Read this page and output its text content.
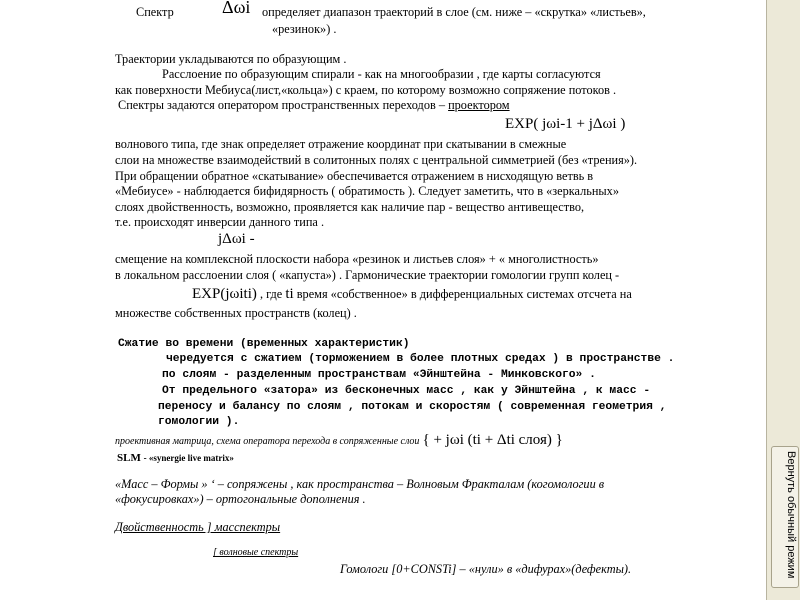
Спектр	Δωi определяет диапазон траекторий в слое (см. ниже – «скрутка» «листьев»,
«резинок») .
Траектории укладываются по образующим .
Расслоение по образующим спирали - как на многообразии , где карты согласуются
как поверхности Мебиуса(лист,«кольца») с краем, по которому возможно сопряжение потоков .
Спектры задаются оператором пространственных переходов – проектором
EXP( jωi-1 + jΔωi )
волнового типа, где знак определяет отражение координат при скатывании в смежные
слои на множестве взаимодействий в солитонных полях с центральной симметрией (без «трения»).
При обращении обратное «скатывание» обеспечивается отражением в нисходящую ветвь в
«Мебиусе» - наблюдается бифидярность ( обратимость ). Следует заметить, что в «зеркальных»
слоях двойственность, возможно, проявляется как наличие пар - вещество антивещество,
т.е. происходят инверсии данного типа .
jΔωi -
смещение на комплексной плоскости набора «резинок и листьев слоя» + « многолистность»
в локальном расслоении слоя ( «капуста») . Гармонические траектории гомологии групп колец -
EXP(jωiti) , где ti время «собственное» в дифференциальных системах отсчета на
множестве собственных пространств (колец) .
Сжатие во времени (временных характеристик)
чередуется с сжатием (торможением в более плотных средах ) в пространстве .
по слоям - разделенным пространствам «Эйнштейна - Минковского» .
От предельного «затора» из бесконечных масс , как у Эйнштейна , к масс -
переносу и балансу по слоям , потокам и скоростям ( современная геометрия ,
гомологии ).
проективная матрица, схема оператора перехода в сопряженные слои { + jωi (ti + Δti слоя) }
SLM - «synergie live matrix»
«Масс – Формы » ‘ – сопряжены , как пространства – Волновым Фракталам (когомологии в
«фокусировках») – ортогональные дополнения .
Двойственность ] масспектры
[ волновые спектры
Гомологи [0+CONSTi] – «нули» в «дифурах»(дефекты).	Вернуть обычный режим
